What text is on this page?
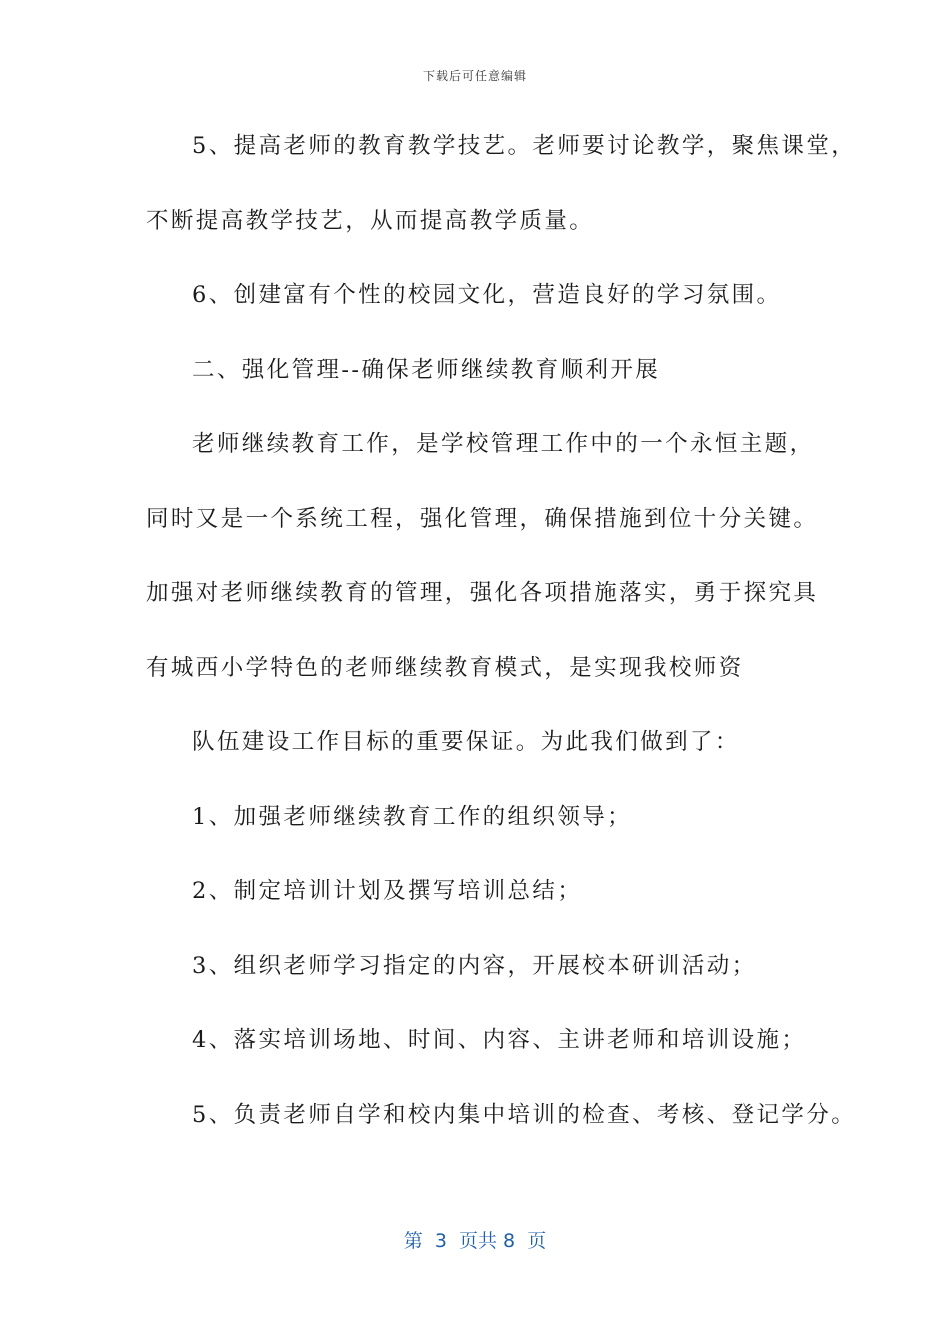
下载后可任意编辑
5、提高老师的教育教学技艺。老师要讨论教学，聚焦课堂，
不断提高教学技艺，从而提高教学质量。
6、创建富有个性的校园文化，营造良好的学习氛围。
二、强化管理--确保老师继续教育顺利开展
老师继续教育工作，是学校管理工作中的一个永恒主题，
同时又是一个系统工程，强化管理，确保措施到位十分关键。
加强对老师继续教育的管理，强化各项措施落实，勇于探究具
有城西小学特色的老师继续教育模式，是实现我校师资
队伍建设工作目标的重要保证。为此我们做到了：
1、加强老师继续教育工作的组织领导；
2、制定培训计划及撰写培训总结；
3、组织老师学习指定的内容，开展校本研训活动；
4、落实培训场地、时间、内容、主讲老师和培训设施；
5、负责老师自学和校内集中培训的检查、考核、登记学分。
第  3  页共 8  页
